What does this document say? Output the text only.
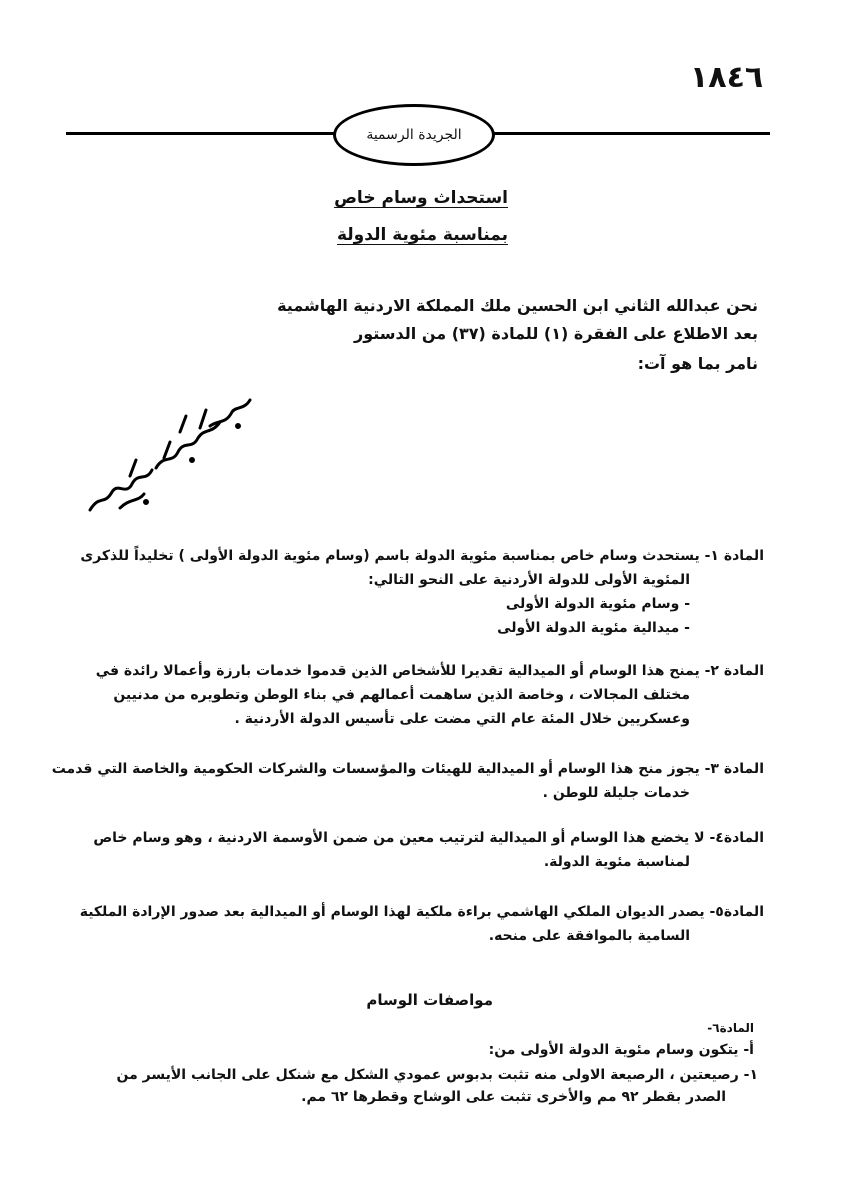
١٨٤٦
الجريدة الرسمية
استحداث وسام خاص
بمناسبة مئوية الدولة
نحن عبدالله الثاني ابن الحسين ملك المملكة الاردنية الهاشمية
بعد الاطلاع على الفقرة (١) للمادة (٣٧) من الدستور
نامر بما هو آت:
المادة ١- يستحدث وسام خاص بمناسبة مئوية الدولة باسم (وسام مئوية الدولة الأولى ) تخليداً للذكرى
المئوية الأولى للدولة الأردنية على النحو التالي:
- وسام مئوية الدولة الأولى
- ميدالية مئوية الدولة الأولى
المادة ٢- يمنح هذا الوسام أو الميدالية تقديرا للأشخاص الذين قدموا خدمات بارزة وأعمالا رائدة في
مختلف المجالات ، وخاصة الذين ساهمت أعمالهم في بناء الوطن وتطويره من مدنيين
وعسكريين خلال المئة عام التي مضت على تأسيس الدولة الأردنية .
المادة ٣- يجوز منح هذا الوسام أو الميدالية للهيئات والمؤسسات والشركات الحكومية والخاصة التي قدمت
خدمات جليلة للوطن .
المادة٤- لا يخضع هذا الوسام أو الميدالية لترتيب معين من ضمن الأوسمة الاردنية ، وهو وسام خاص
لمناسبة مئوية الدولة.
المادة٥- يصدر الديوان الملكي الهاشمي براءة ملكية لهذا الوسام أو الميدالية بعد صدور الإرادة الملكية
السامية بالموافقة على منحه.
مواصفات الوسام
المادة٦-
أ- يتكون وسام مئوية الدولة الأولى من:
١- رصيعتين ، الرصيعة الاولى منه تثبت بدبوس عمودي الشكل مع شنكل على الجانب الأيسر من
الصدر بقطر ٩٢ مم والأخرى تثبت على الوشاح وقطرها ٦٢ مم.
